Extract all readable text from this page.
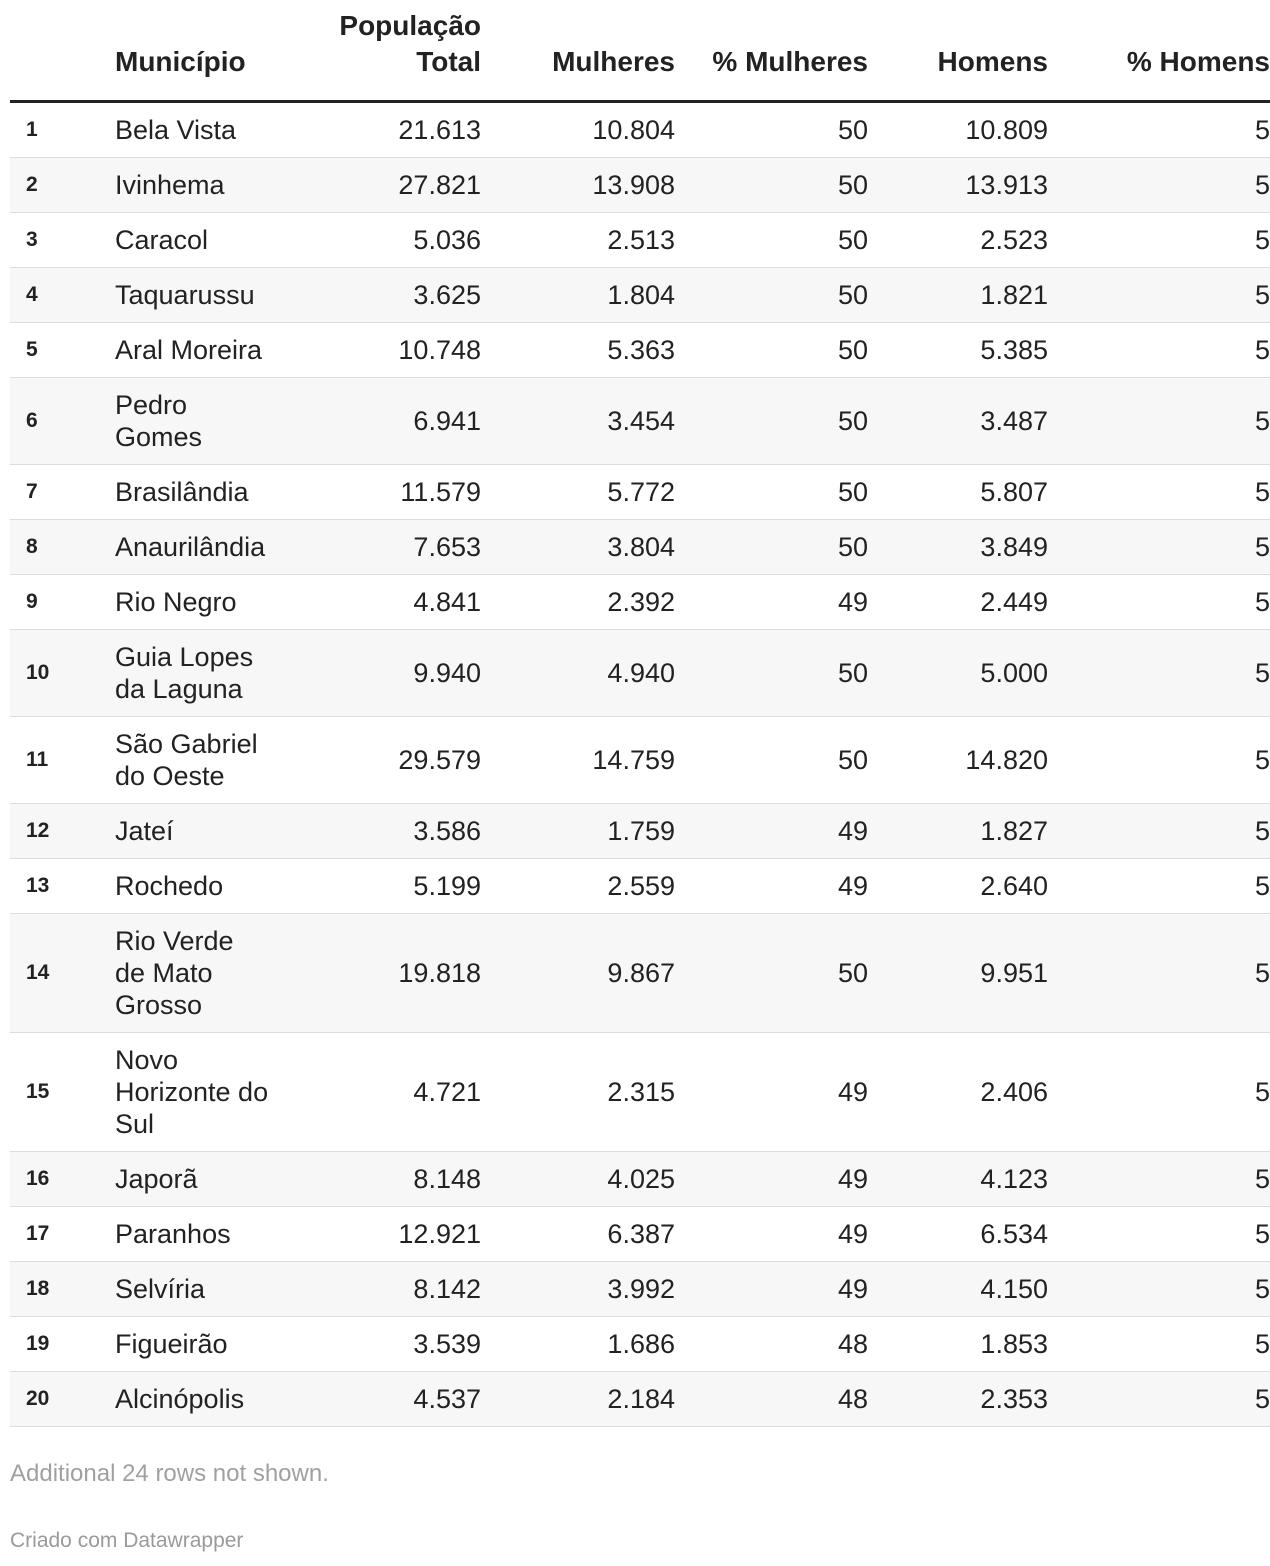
	Município	População Total	Mulheres	% Mulheres	Homens	% Homens
1	Bela Vista	21.613	10.804	50	10.809	5
2	Ivinhema	27.821	13.908	50	13.913	5
3	Caracol	5.036	2.513	50	2.523	5
4	Taquarussu	3.625	1.804	50	1.821	5
5	Aral Moreira	10.748	5.363	50	5.385	5
6	Pedro Gomes	6.941	3.454	50	3.487	5
7	Brasilândia	11.579	5.772	50	5.807	5
8	Anaurilândia	7.653	3.804	50	3.849	5
9	Rio Negro	4.841	2.392	49	2.449	5
10	Guia Lopes da Laguna	9.940	4.940	50	5.000	5
11	São Gabriel do Oeste	29.579	14.759	50	14.820	5
12	Jateí	3.586	1.759	49	1.827	5
13	Rochedo	5.199	2.559	49	2.640	5
14	Rio Verde de Mato Grosso	19.818	9.867	50	9.951	5
15	Novo Horizonte do Sul	4.721	2.315	49	2.406	5
16	Japorã	8.148	4.025	49	4.123	5
17	Paranhos	12.921	6.387	49	6.534	5
18	Selvíria	8.142	3.992	49	4.150	5
19	Figueirão	3.539	1.686	48	1.853	5
20	Alcinópolis	4.537	2.184	48	2.353	5
Additional 24 rows not shown.
Criado com Datawrapper
